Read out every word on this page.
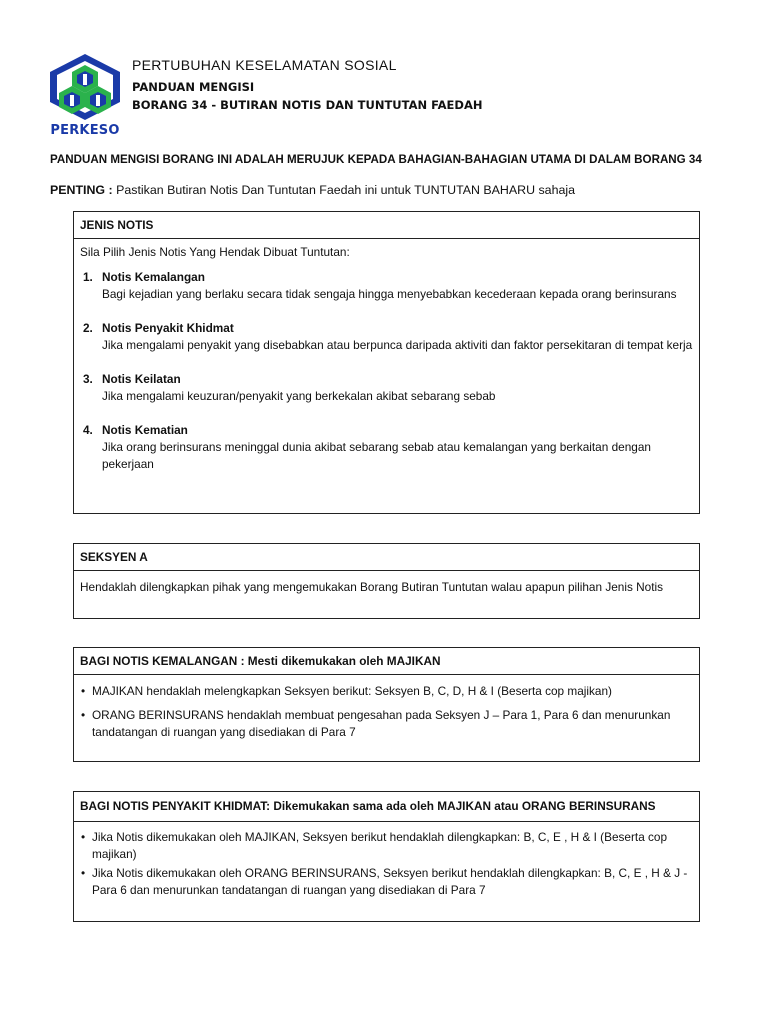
PERKESO
PERTUBUHAN KESELAMATAN SOSIAL
PANDUAN MENGISI
BORANG 34 - BUTIRAN NOTIS DAN TUNTUTAN FAEDAH
PANDUAN MENGISI BORANG INI ADALAH MERUJUK KEPADA BAHAGIAN-BAHAGIAN UTAMA DI DALAM BORANG 34
PENTING : Pastikan Butiran Notis Dan Tuntutan Faedah ini untuk TUNTUTAN BAHARU sahaja
JENIS NOTIS
Sila Pilih Jenis Notis Yang Hendak Dibuat Tuntutan:
1. Notis Kemalangan
Bagi kejadian yang berlaku secara tidak sengaja hingga menyebabkan kecederaan kepada orang berinsurans
2. Notis Penyakit Khidmat
Jika mengalami penyakit yang disebabkan atau berpunca daripada aktiviti dan faktor persekitaran di tempat kerja
3. Notis Keilatan
Jika mengalami keuzuran/penyakit yang berkekalan akibat sebarang sebab
4. Notis Kematian
Jika orang berinsurans meninggal dunia akibat sebarang sebab atau kemalangan yang berkaitan dengan pekerjaan
SEKSYEN A
Hendaklah dilengkapkan pihak yang mengemukakan Borang Butiran Tuntutan walau apapun pilihan Jenis Notis
BAGI NOTIS KEMALANGAN : Mesti dikemukakan oleh MAJIKAN
• MAJIKAN hendaklah melengkapkan Seksyen berikut: Seksyen B, C, D, H & I (Beserta cop majikan)
• ORANG BERINSURANS hendaklah membuat pengesahan pada Seksyen J – Para 1, Para 6 dan menurunkan tandatangan di ruangan yang disediakan di Para 7
BAGI NOTIS PENYAKIT KHIDMAT: Dikemukakan sama ada oleh MAJIKAN atau ORANG BERINSURANS
• Jika Notis dikemukakan oleh MAJIKAN, Seksyen berikut hendaklah dilengkapkan: B, C, E , H & I (Beserta cop majikan)
• Jika Notis dikemukakan oleh ORANG BERINSURANS, Seksyen berikut hendaklah dilengkapkan: B, C, E , H & J - Para 6 dan menurunkan tandatangan di ruangan yang disediakan di Para 7
